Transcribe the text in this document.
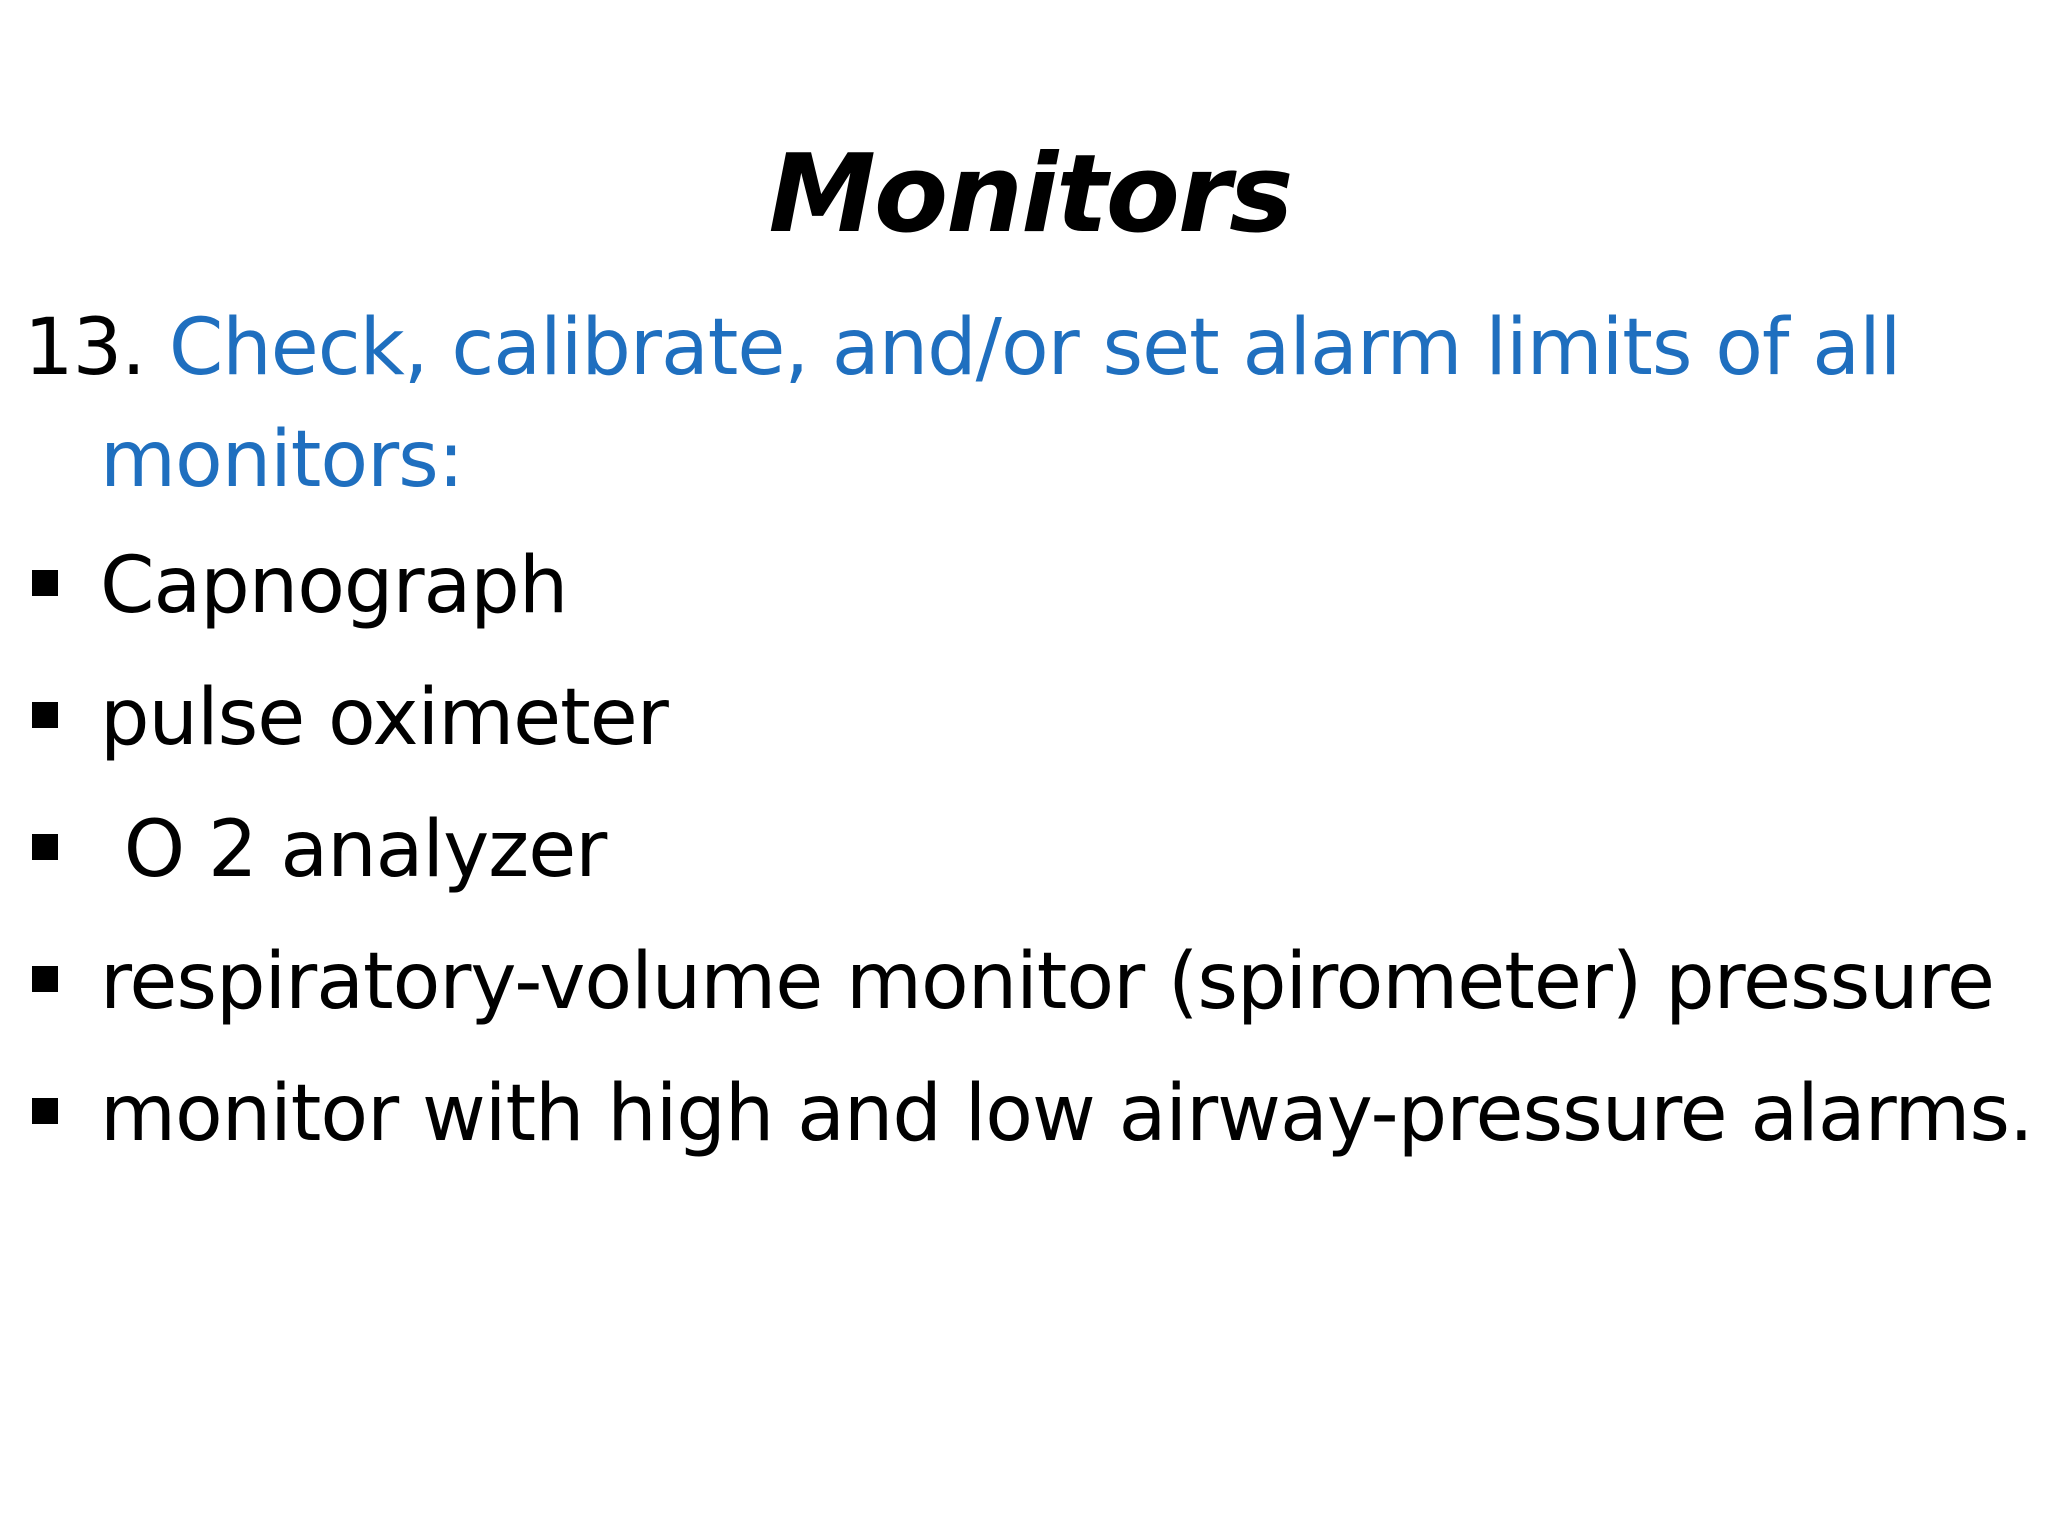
Monitors
13. Check, calibrate, and/or set alarm limits of all
monitors:
Capnograph
pulse oximeter
O 2 analyzer
respiratory-volume monitor (spirometer) pressure
monitor with high and low airway-pressure alarms.
